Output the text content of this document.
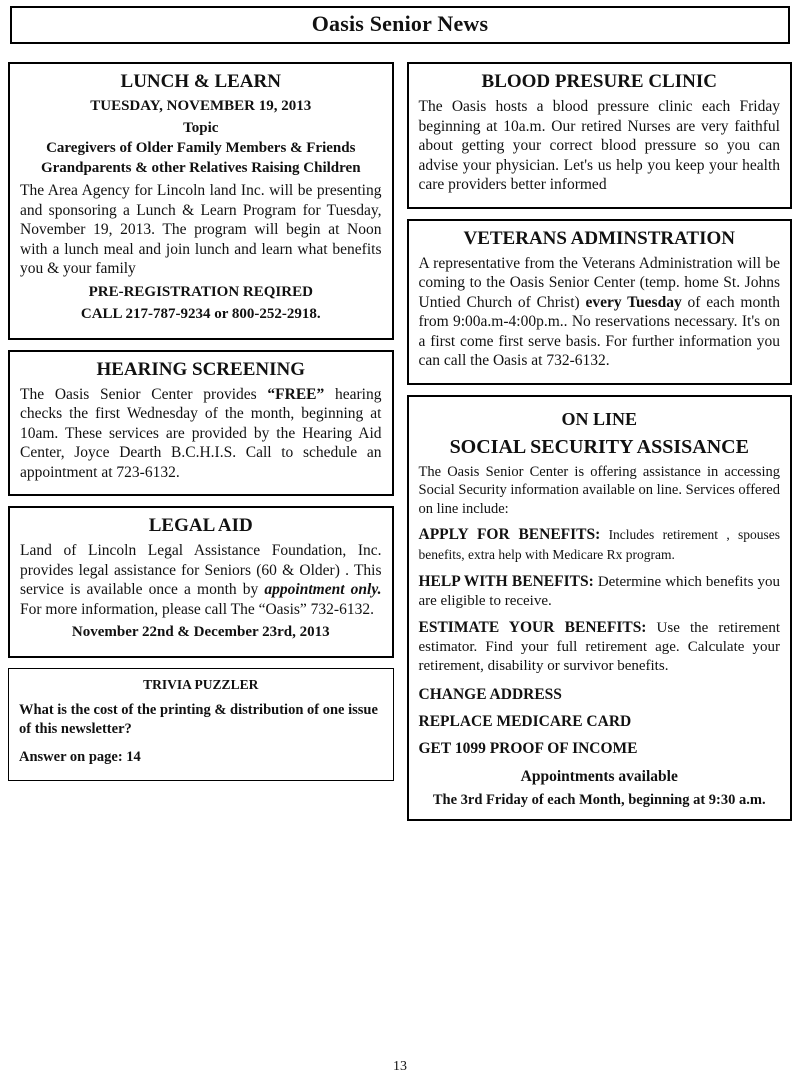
Oasis Senior News
LUNCH & LEARN
TUESDAY, NOVEMBER 19, 2013
Topic
Caregivers of Older Family Members & Friends
Grandparents & other Relatives Raising Children

The Area Agency for Lincoln land Inc. will be presenting and sponsoring a Lunch & Learn Program for Tuesday, November 19, 2013. The program will begin at Noon with a lunch meal and join lunch and learn what benefits you & your family

PRE-REGISTRATION REQIRED
CALL 217-787-9234 or 800-252-2918.
HEARING SCREENING

The Oasis Senior Center provides “FREE” hearing checks the first Wednesday of the month, beginning at 10am. These services are provided by the Hearing Aid Center, Joyce Dearth B.C.H.I.S. Call to schedule an appointment at 723-6132.

LEGAL AID

Land of Lincoln Legal Assistance Foundation, Inc. provides legal assistance for Seniors (60 & Older) . This service is available once a month by appointment only. For more information, please call The “Oasis” 732-6132.

November 22nd & December 23rd, 2013
TRIVIA PUZZLER
What is the cost of the printing & distribution of one issue of this newsletter?
Answer on page: 14
BLOOD PRESURE CLINIC

The Oasis hosts a blood pressure clinic each Friday beginning at 10a.m. Our retired Nurses are very faithful about getting your correct blood pressure so you can advise your physician. Let's us help you keep your health care providers better informed

VETERANS ADMINSTRATION

A representative from the Veterans Administration will be coming to the Oasis Senior Center (temp. home St. Johns Untied Church of Christ) every Tuesday of each month from 9:00a.m-4:00p.m.. No reservations necessary. It's on a first come first serve basis. For further information you can call the Oasis at 732-6132.

ON LINE
SOCIAL SECURITY ASSISANCE

The Oasis Senior Center is offering assistance in accessing Social Security information available on line. Services offered on line include:

APPLY FOR BENEFITS: Includes retirement , spouses benefits, extra help with Medicare Rx program.

HELP WITH BENEFITS: Determine which benefits you are eligible to receive.

ESTIMATE YOUR BENEFITS: Use the retirement estimator. Find your full retirement age. Calculate your retirement, disability or survivor benefits.

CHANGE ADDRESS
REPLACE MEDICARE CARD
GET 1099 PROOF OF INCOME
Appointments available
The 3rd Friday of each Month, beginning at 9:30 a.m.
13
